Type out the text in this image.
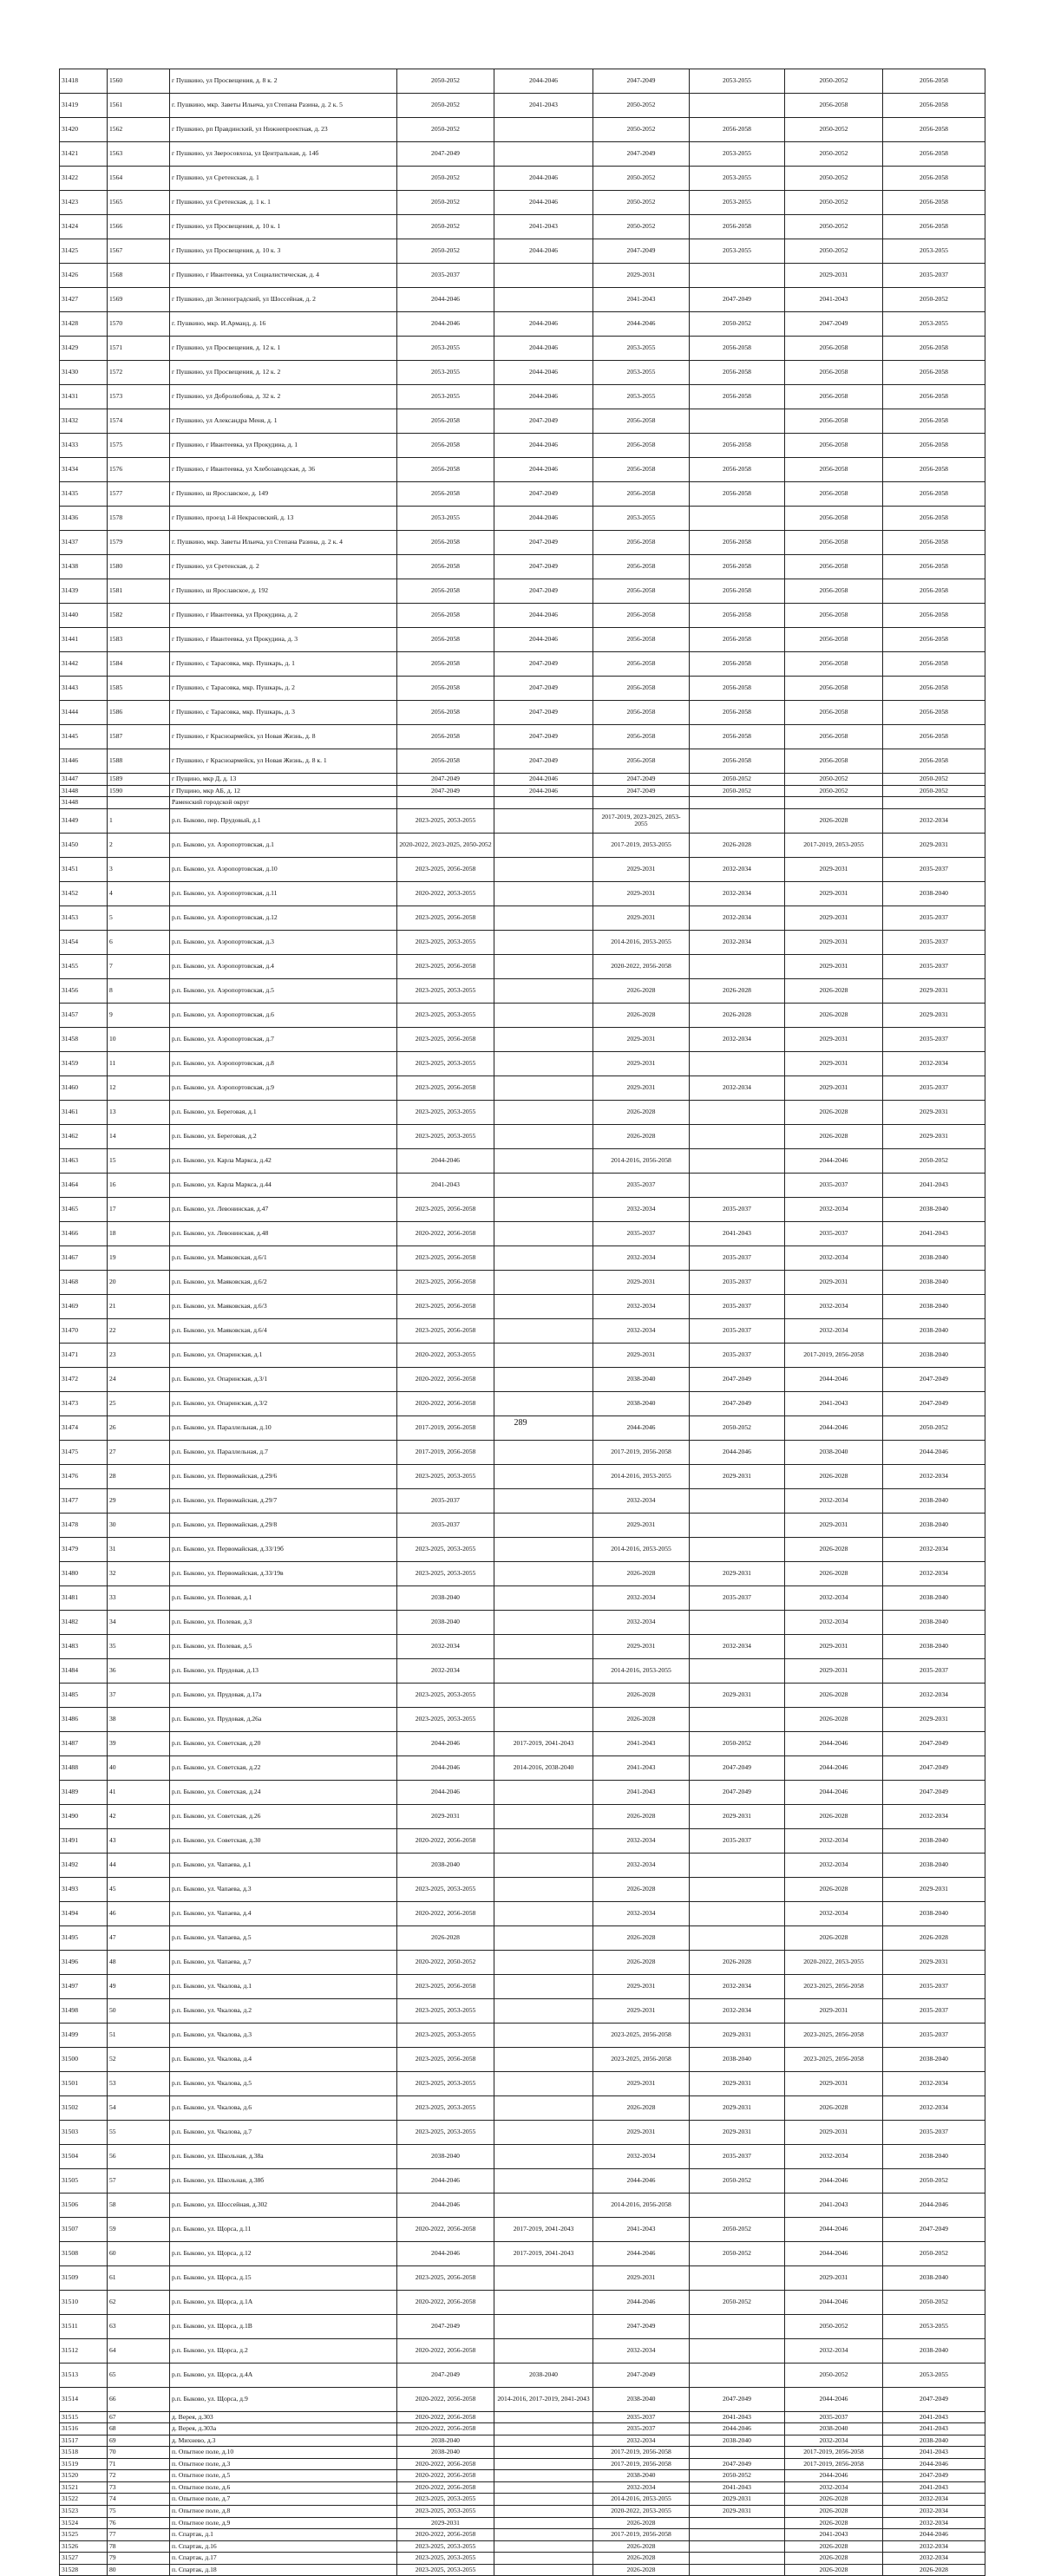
31418	1560	г Пушкино, ул Просвещения, д. 8 к. 2	2050-2052	2044-2046	2047-2049	2053-2055	2050-2052	2056-2058
31419	1561	г. Пушкино, мкр. Заветы Ильича, ул Степана Разина, д. 2 к. 5	2050-2052	2041-2043	2050-2052		2056-2058	2056-2058
31420	1562	г Пушкино, рп Правдинский, ул Нижнепроектная, д. 23	2050-2052		2050-2052	2056-2058	2050-2052	2056-2058
31421	1563	г Пушкино, ул Зверосовхоза, ул Центральная, д. 14б	2047-2049		2047-2049	2053-2055	2050-2052	2056-2058
31422	1564	г Пушкино, ул Сретенская, д. 1	2050-2052	2044-2046	2050-2052	2053-2055	2050-2052	2056-2058
31423	1565	г Пушкино, ул Сретенская, д. 1 к. 1	2050-2052	2044-2046	2050-2052	2053-2055	2050-2052	2056-2058
31424	1566	г Пушкино, ул Просвещения, д. 10 к. 1	2050-2052	2041-2043	2050-2052	2056-2058	2050-2052	2056-2058
31425	1567	г Пушкино, ул Просвещения, д. 10 к. 3	2050-2052	2044-2046	2047-2049	2053-2055	2050-2052	2053-2055
31426	1568	г Пушкино, г Ивантеевка, ул Социалистическая, д. 4	2035-2037		2029-2031		2029-2031	2035-2037
31427	1569	г Пушкино, дп Зеленоградский, ул Шоссейная, д. 2	2044-2046		2041-2043	2047-2049	2041-2043	2050-2052
31428	1570	г. Пушкино, мкр. И.Арманд, д. 16	2044-2046	2044-2046	2044-2046	2050-2052	2047-2049	2053-2055
31429	1571	г Пушкино, ул Просвещения, д. 12 к. 1	2053-2055	2044-2046	2053-2055	2056-2058	2056-2058	2056-2058
31430	1572	г Пушкино, ул Просвещения, д. 12 к. 2	2053-2055	2044-2046	2053-2055	2056-2058	2056-2058	2056-2058
31431	1573	г Пушкино, ул Добролюбова, д. 32 к. 2	2053-2055	2044-2046	2053-2055	2056-2058	2056-2058	2056-2058
31432	1574	г Пушкино, ул Александра Меня, д. 1	2056-2058	2047-2049	2056-2058		2056-2058	2056-2058
31433	1575	г Пушкино, г Ивантеевка, ул Прокудина, д. 1	2056-2058	2044-2046	2056-2058	2056-2058	2056-2058	2056-2058
31434	1576	г Пушкино, г Ивантеевка, ул Хлебозаводская, д. 36	2056-2058	2044-2046	2056-2058	2056-2058	2056-2058	2056-2058
31435	1577	г Пушкино, ш Ярославское, д. 149	2056-2058	2047-2049	2056-2058	2056-2058	2056-2058	2056-2058
31436	1578	г Пушкино, проезд 1-й Некрасовский, д. 13	2053-2055	2044-2046	2053-2055		2056-2058	2056-2058
31437	1579	г. Пушкино, мкр. Заветы Ильича, ул Степана Разина, д. 2 к. 4	2056-2058	2047-2049	2056-2058	2056-2058	2056-2058	2056-2058
31438	1580	г Пушкино, ул Сретенская, д. 2	2056-2058	2047-2049	2056-2058	2056-2058	2056-2058	2056-2058
31439	1581	г Пушкино, ш Ярославское, д. 192	2056-2058	2047-2049	2056-2058	2056-2058	2056-2058	2056-2058
31440	1582	г Пушкино, г Ивантеевка, ул Прокудина, д. 2	2056-2058	2044-2046	2056-2058	2056-2058	2056-2058	2056-2058
31441	1583	г Пушкино, г Ивантеевка, ул Прокудина, д. 3	2056-2058	2044-2046	2056-2058	2056-2058	2056-2058	2056-2058
31442	1584	г Пушкино, с Тарасовка, мкр. Пушкарь, д. 1	2056-2058	2047-2049	2056-2058	2056-2058	2056-2058	2056-2058
31443	1585	г Пушкино, с Тарасовка, мкр. Пушкарь, д. 2	2056-2058	2047-2049	2056-2058	2056-2058	2056-2058	2056-2058
31444	1586	г Пушкино, с Тарасовка, мкр. Пушкарь, д. 3	2056-2058	2047-2049	2056-2058	2056-2058	2056-2058	2056-2058
31445	1587	г Пушкино, г Красноармейск, ул Новая Жизнь, д. 8	2056-2058	2047-2049	2056-2058	2056-2058	2056-2058	2056-2058
31446	1588	г Пушкино, г Красноармейск, ул Новая Жизнь, д. 8 к. 1	2056-2058	2047-2049	2056-2058	2056-2058	2056-2058	2056-2058
31447	1589	г Пущино, мкр Д, д. 13	2047-2049	2044-2046	2047-2049	2050-2052	2050-2052	2050-2052
31448	1590	г Пущино, мкр АБ, д. 12	2047-2049	2044-2046	2047-2049	2050-2052	2050-2052	2050-2052
31448		Раменский городской округ						
31449	1	р.п. Быково, пер. Прудовый, д.1	2023-2025, 2053-2055		2017-2019, 2023-2025, 2053-2055		2026-2028	2032-2034
31450	2	р.п. Быково, ул. Аэропортовская, д.1	2020-2022, 2023-2025, 2050-2052		2017-2019, 2053-2055	2026-2028	2017-2019, 2053-2055	2029-2031
31451	3	р.п. Быково, ул. Аэропортовская, д.10	2023-2025, 2056-2058		2029-2031	2032-2034	2029-2031	2035-2037
31452	4	р.п. Быково, ул. Аэропортовская, д.11	2020-2022, 2053-2055		2029-2031	2032-2034	2029-2031	2038-2040
31453	5	р.п. Быково, ул. Аэропортовская, д.12	2023-2025, 2056-2058		2029-2031	2032-2034	2029-2031	2035-2037
31454	6	р.п. Быково, ул. Аэропортовская, д.3	2023-2025, 2053-2055		2014-2016, 2053-2055	2032-2034	2029-2031	2035-2037
31455	7	р.п. Быково, ул. Аэропортовская, д.4	2023-2025, 2056-2058		2020-2022, 2056-2058		2029-2031	2035-2037
31456	8	р.п. Быково, ул. Аэропортовская, д.5	2023-2025, 2053-2055		2026-2028	2026-2028	2026-2028	2029-2031
31457	9	р.п. Быково, ул. Аэропортовская, д.6	2023-2025, 2053-2055		2026-2028	2026-2028	2026-2028	2029-2031
31458	10	р.п. Быково, ул. Аэропортовская, д.7	2023-2025, 2056-2058		2029-2031	2032-2034	2029-2031	2035-2037
31459	11	р.п. Быково, ул. Аэропортовская, д.8	2023-2025, 2053-2055		2029-2031		2029-2031	2032-2034
31460	12	р.п. Быково, ул. Аэропортовская, д.9	2023-2025, 2056-2058		2029-2031	2032-2034	2029-2031	2035-2037
31461	13	р.п. Быково, ул. Береговая, д.1	2023-2025, 2053-2055		2026-2028		2026-2028	2029-2031
31462	14	р.п. Быково, ул. Береговая, д.2	2023-2025, 2053-2055		2026-2028		2026-2028	2029-2031
31463	15	р.п. Быково, ул. Карла Маркса, д.42	2044-2046		2014-2016, 2056-2058		2044-2046	2050-2052
31464	16	р.п. Быково, ул. Карла Маркса, д.44	2041-2043		2035-2037		2035-2037	2041-2043
31465	17	р.п. Быково, ул. Левонинская, д.47	2023-2025, 2056-2058		2032-2034	2035-2037	2032-2034	2038-2040
31466	18	р.п. Быково, ул. Левонинская, д.48	2020-2022, 2056-2058		2035-2037	2041-2043	2035-2037	2041-2043
31467	19	р.п. Быково, ул. Маяковская, д.6/1	2023-2025, 2056-2058		2032-2034	2035-2037	2032-2034	2038-2040
31468	20	р.п. Быково, ул. Маяковская, д.6/2	2023-2025, 2056-2058		2029-2031	2035-2037	2029-2031	2038-2040
31469	21	р.п. Быково, ул. Маяковская, д.6/3	2023-2025, 2056-2058		2032-2034	2035-2037	2032-2034	2038-2040
31470	22	р.п. Быково, ул. Маяковская, д.6/4	2023-2025, 2056-2058		2032-2034	2035-2037	2032-2034	2038-2040
31471	23	р.п. Быково, ул. Опаринская, д.1	2020-2022, 2053-2055		2029-2031	2035-2037	2017-2019, 2056-2058	2038-2040
31472	24	р.п. Быково, ул. Опаринская, д.3/1	2020-2022, 2056-2058		2038-2040	2047-2049	2044-2046	2047-2049
31473	25	р.п. Быково, ул. Опаринская, д.3/2	2020-2022, 2056-2058		2038-2040	2047-2049	2041-2043	2047-2049
31474	26	р.п. Быково, ул. Параллельная, д.10	2017-2019, 2056-2058		2044-2046	2050-2052	2044-2046	2050-2052
31475	27	р.п. Быково, ул. Параллельная, д.7	2017-2019, 2056-2058		2017-2019, 2056-2058	2044-2046	2038-2040	2044-2046
31476	28	р.п. Быково, ул. Первомайская, д.29/6	2023-2025, 2053-2055		2014-2016, 2053-2055	2029-2031	2026-2028	2032-2034
31477	29	р.п. Быково, ул. Первомайская, д.29/7	2035-2037		2032-2034		2032-2034	2038-2040
31478	30	р.п. Быково, ул. Первомайская, д.29/8	2035-2037		2029-2031		2029-2031	2038-2040
31479	31	р.п. Быково, ул. Первомайская, д.33/19б	2023-2025, 2053-2055		2014-2016, 2053-2055		2026-2028	2032-2034
31480	32	р.п. Быково, ул. Первомайская, д.33/19в	2023-2025, 2053-2055		2026-2028	2029-2031	2026-2028	2032-2034
31481	33	р.п. Быково, ул. Полевая, д.1	2038-2040		2032-2034	2035-2037	2032-2034	2038-2040
31482	34	р.п. Быково, ул. Полевая, д.3	2038-2040		2032-2034		2032-2034	2038-2040
31483	35	р.п. Быково, ул. Полевая, д.5	2032-2034		2029-2031	2032-2034	2029-2031	2038-2040
31484	36	р.п. Быково, ул. Прудовая, д.13	2032-2034		2014-2016, 2053-2055		2029-2031	2035-2037
31485	37	р.п. Быково, ул. Прудовая, д.17а	2023-2025, 2053-2055		2026-2028	2029-2031	2026-2028	2032-2034
31486	38	р.п. Быково, ул. Прудовая, д.26а	2023-2025, 2053-2055		2026-2028		2026-2028	2029-2031
31487	39	р.п. Быково, ул. Советская, д.20	2044-2046	2017-2019, 2041-2043	2041-2043	2050-2052	2044-2046	2047-2049
31488	40	р.п. Быково, ул. Советская, д.22	2044-2046	2014-2016, 2038-2040	2041-2043	2047-2049	2044-2046	2047-2049
31489	41	р.п. Быково, ул. Советская, д.24	2044-2046		2041-2043	2047-2049	2044-2046	2047-2049
31490	42	р.п. Быково, ул. Советская, д.26	2029-2031		2026-2028	2029-2031	2026-2028	2032-2034
31491	43	р.п. Быково, ул. Советская, д.30	2020-2022, 2056-2058		2032-2034	2035-2037	2032-2034	2038-2040
31492	44	р.п. Быково, ул. Чапаева, д.1	2038-2040		2032-2034		2032-2034	2038-2040
31493	45	р.п. Быково, ул. Чапаева, д.3	2023-2025, 2053-2055		2026-2028		2026-2028	2029-2031
31494	46	р.п. Быково, ул. Чапаева, д.4	2020-2022, 2056-2058		2032-2034		2032-2034	2038-2040
31495	47	р.п. Быково, ул. Чапаева, д.5	2026-2028		2026-2028		2026-2028	2026-2028
31496	48	р.п. Быково, ул. Чапаева, д.7	2020-2022, 2050-2052		2026-2028	2026-2028	2020-2022, 2053-2055	2029-2031
31497	49	р.п. Быково, ул. Чкалова, д.1	2023-2025, 2056-2058		2029-2031	2032-2034	2023-2025, 2056-2058	2035-2037
31498	50	р.п. Быково, ул. Чкалова, д.2	2023-2025, 2053-2055		2029-2031	2032-2034	2029-2031	2035-2037
31499	51	р.п. Быково, ул. Чкалова, д.3	2023-2025, 2053-2055		2023-2025, 2056-2058	2029-2031	2023-2025, 2056-2058	2035-2037
31500	52	р.п. Быково, ул. Чкалова, д.4	2023-2025, 2056-2058		2023-2025, 2056-2058	2038-2040	2023-2025, 2056-2058	2038-2040
31501	53	р.п. Быково, ул. Чкалова, д.5	2023-2025, 2053-2055		2029-2031	2029-2031	2029-2031	2032-2034
31502	54	р.п. Быково, ул. Чкалова, д.6	2023-2025, 2053-2055		2026-2028	2029-2031	2026-2028	2032-2034
31503	55	р.п. Быково, ул. Чкалова, д.7	2023-2025, 2053-2055		2029-2031	2029-2031	2029-2031	2035-2037
31504	56	р.п. Быково, ул. Школьная, д.38а	2038-2040		2032-2034	2035-2037	2032-2034	2038-2040
31505	57	р.п. Быково, ул. Школьная, д.38б	2044-2046		2044-2046	2050-2052	2044-2046	2050-2052
31506	58	р.п. Быково, ул. Шоссейная, д.302	2044-2046		2014-2016, 2056-2058		2041-2043	2044-2046
31507	59	р.п. Быково, ул. Щорса, д.11	2020-2022, 2056-2058	2017-2019, 2041-2043	2041-2043	2050-2052	2044-2046	2047-2049
31508	60	р.п. Быково, ул. Щорса, д.12	2044-2046	2017-2019, 2041-2043	2044-2046	2050-2052	2044-2046	2050-2052
31509	61	р.п. Быково, ул. Щорса, д.15	2023-2025, 2056-2058		2029-2031		2029-2031	2038-2040
31510	62	р.п. Быково, ул. Щорса, д.1А	2020-2022, 2056-2058		2044-2046	2050-2052	2044-2046	2050-2052
31511	63	р.п. Быково, ул. Щорса, д.1В	2047-2049		2047-2049		2050-2052	2053-2055
31512	64	р.п. Быково, ул. Щорса, д.2	2020-2022, 2056-2058		2032-2034		2032-2034	2038-2040
31513	65	р.п. Быково, ул. Щорса, д.4А	2047-2049	2038-2040	2047-2049		2050-2052	2053-2055
31514	66	р.п. Быково, ул. Щорса, д.9	2020-2022, 2056-2058	2014-2016, 2017-2019, 2041-2043	2038-2040	2047-2049	2044-2046	2047-2049
31515	67	д. Верея, д.303	2020-2022, 2056-2058		2035-2037	2041-2043	2035-2037	2041-2043
31516	68	д. Верея, д.303а	2020-2022, 2056-2058		2035-2037	2044-2046	2038-2040	2041-2043
31517	69	д. Михнево, д.3	2038-2040		2032-2034	2038-2040	2032-2034	2038-2040
31518	70	п. Опытное поле, д.10	2038-2040		2017-2019, 2056-2058		2017-2019, 2056-2058	2041-2043
31519	71	п. Опытное поле, д.3	2020-2022, 2056-2058		2017-2019, 2056-2058	2047-2049	2017-2019, 2056-2058	2044-2046
31520	72	п. Опытное поле, д.5	2020-2022, 2056-2058		2038-2040	2050-2052	2044-2046	2047-2049
31521	73	п. Опытное поле, д.6	2020-2022, 2056-2058		2032-2034	2041-2043	2032-2034	2041-2043
31522	74	п. Опытное поле, д.7	2023-2025, 2053-2055		2014-2016, 2053-2055	2029-2031	2026-2028	2032-2034
31523	75	п. Опытное поле, д.8	2023-2025, 2053-2055		2020-2022, 2053-2055	2029-2031	2026-2028	2032-2034
31524	76	п. Опытное поле, д.9	2029-2031		2026-2028		2026-2028	2032-2034
31525	77	п. Спартак, д.1	2020-2022, 2056-2058		2017-2019, 2056-2058		2041-2043	2044-2046
31526	78	п. Спартак, д.16	2023-2025, 2053-2055		2026-2028		2026-2028	2032-2034
31527	79	п. Спартак, д.17	2023-2025, 2053-2055		2026-2028		2026-2028	2032-2034
31528	80	п. Спартак, д.18	2023-2025, 2053-2055		2026-2028		2026-2028	2026-2028
289
